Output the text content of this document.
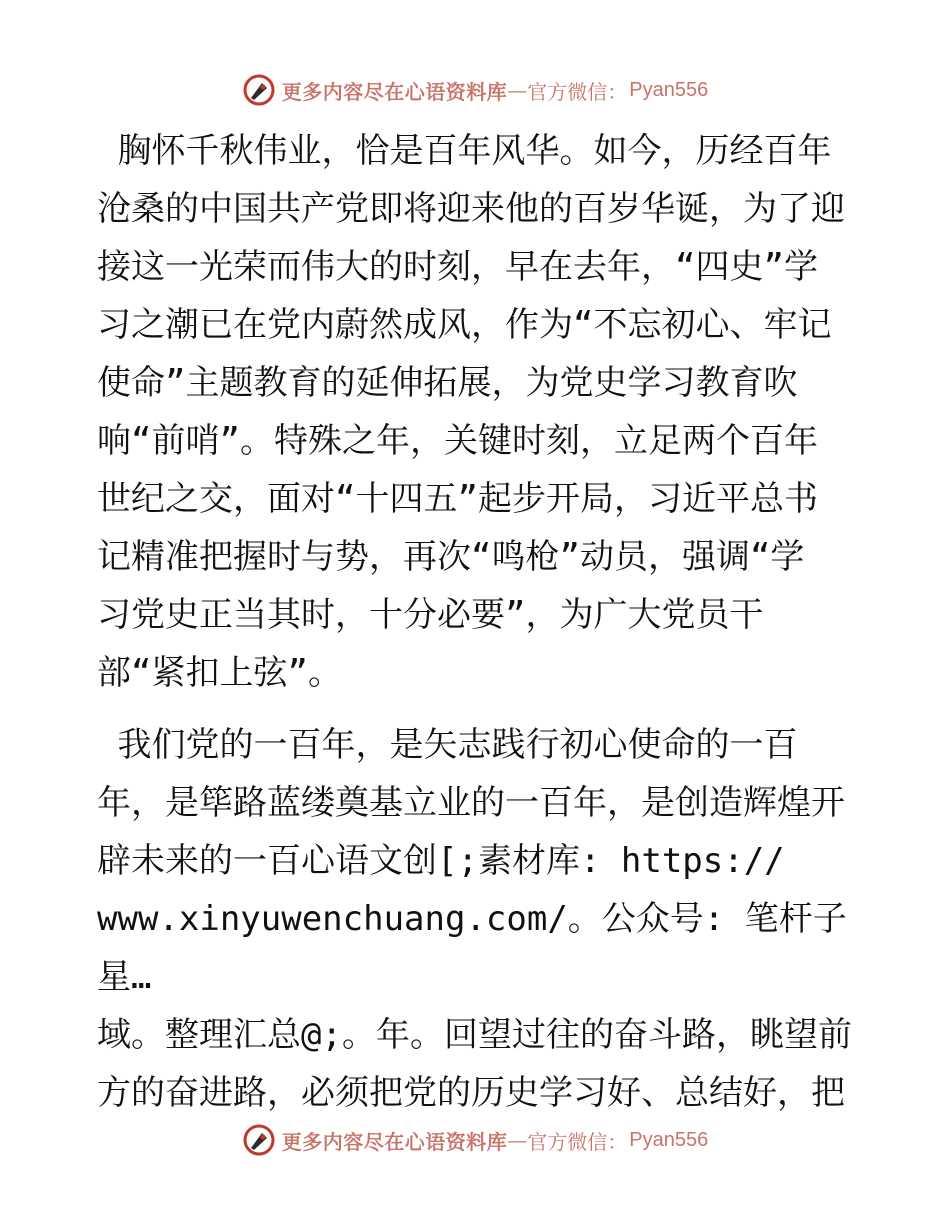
更多内容尽在心语资料库 — 官方微信： Pyan556

胸怀千秋伟业，恰是百年风华。如今，历经百年
沧桑的中国共产党即将迎来他的百岁华诞，为了迎
接这一光荣而伟大的时刻，早在去年，“四史”学
习之潮已在党内蔚然成风，作为“不忘初心、牢记
使命”主题教育的延伸拓展，为党史学习教育吹
响“前哨”。特殊之年，关键时刻，立足两个百年
世纪之交，面对“十四五”起步开局，习近平总书
记精准把握时与势，再次“鸣枪”动员，强调“学
习党史正当其时，十分必要”，为广大党员干
部“紧扣上弦”。

我们党的一百年，是矢志践行初心使命的一百
年，是筚路蓝缕奠基立业的一百年，是创造辉煌开
辟未来的一百心语文创[;素材库: https://
www.xinyuwenchuang.com/。公众号: 笔杆子星…
域。整理汇总@;。年。回望过往的奋斗路，眺望前
方的奋进路，必须把党的历史学习好、总结好，把

更多内容尽在心语资料库 — 官方微信： Pyan556
